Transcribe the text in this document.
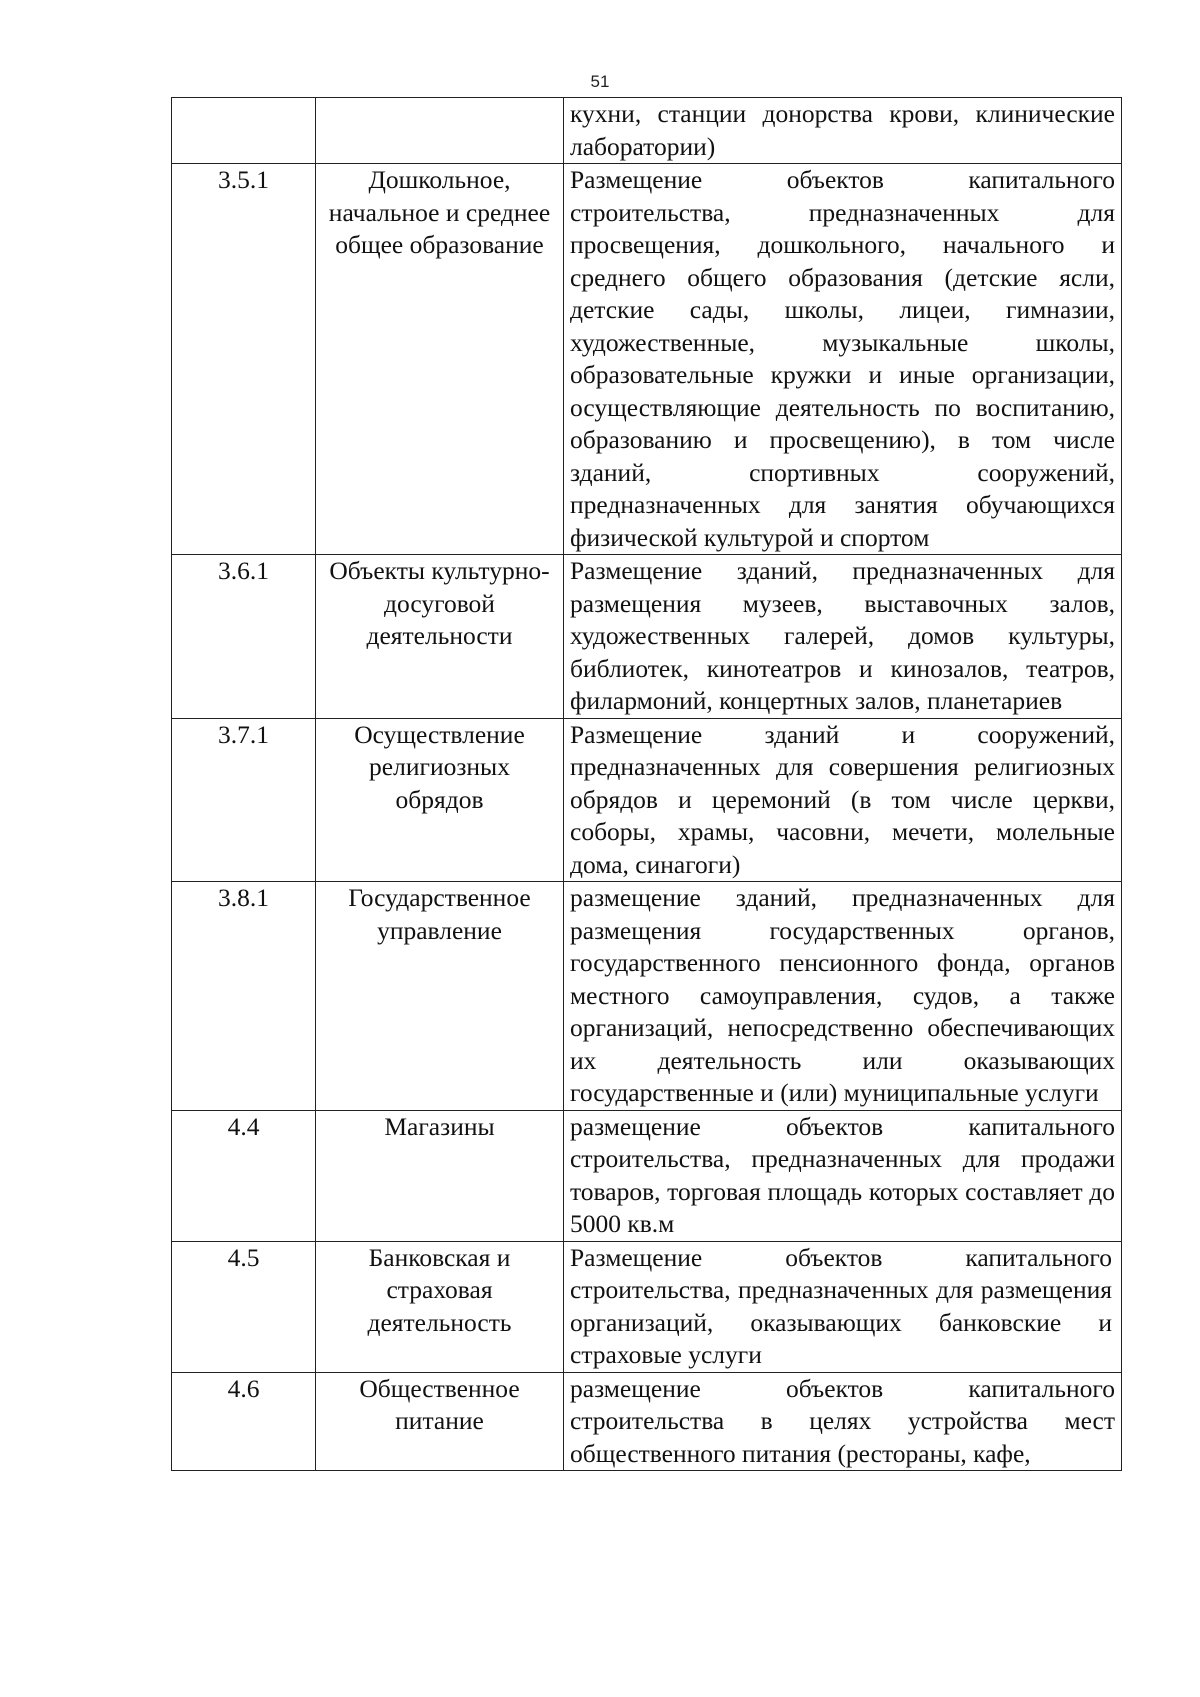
51
		кухни, станции донорства крови, клинические лаборатории)
3.5.1	Дошкольное, начальное и среднее общее образование	Размещение объектов капитального строительства, предназначенных для просвещения, дошкольного, начального и среднего общего образования (детские ясли, детские сады, школы, лицеи, гимназии, художественные, музыкальные школы, образовательные кружки и иные организации, осуществляющие деятельность по воспитанию, образованию и просвещению), в том числе зданий, спортивных сооружений, предназначенных для занятия обучающихся физической культурой и спортом
3.6.1	Объекты культурно-досуговой деятельности	Размещение зданий, предназначенных для размещения музеев, выставочных залов, художественных галерей, домов культуры, библиотек, кинотеатров и кинозалов, театров, филармоний, концертных залов, планетариев
3.7.1	Осуществление религиозных обрядов	Размещение зданий и сооружений, предназначенных для совершения религиозных обрядов и церемоний (в том числе церкви, соборы, храмы, часовни, мечети, молельные дома, синагоги)
3.8.1	Государственное управление	размещение зданий, предназначенных для размещения государственных органов, государственного пенсионного фонда, органов местного самоуправления, судов, а также организаций, непосредственно обеспечивающих их деятельность или оказывающих государственные и (или) муниципальные услуги
4.4	Магазины	размещение объектов капитального строительства, предназначенных для продажи товаров, торговая площадь которых составляет до 5000 кв.м
4.5	Банковская и страховая деятельность	Размещение объектов капитального строительства, предназначенных для размещения организаций, оказывающих банковские и страховые услуги
4.6	Общественное питание	размещение объектов капитального строительства в целях устройства мест общественного питания (рестораны, кафе,
